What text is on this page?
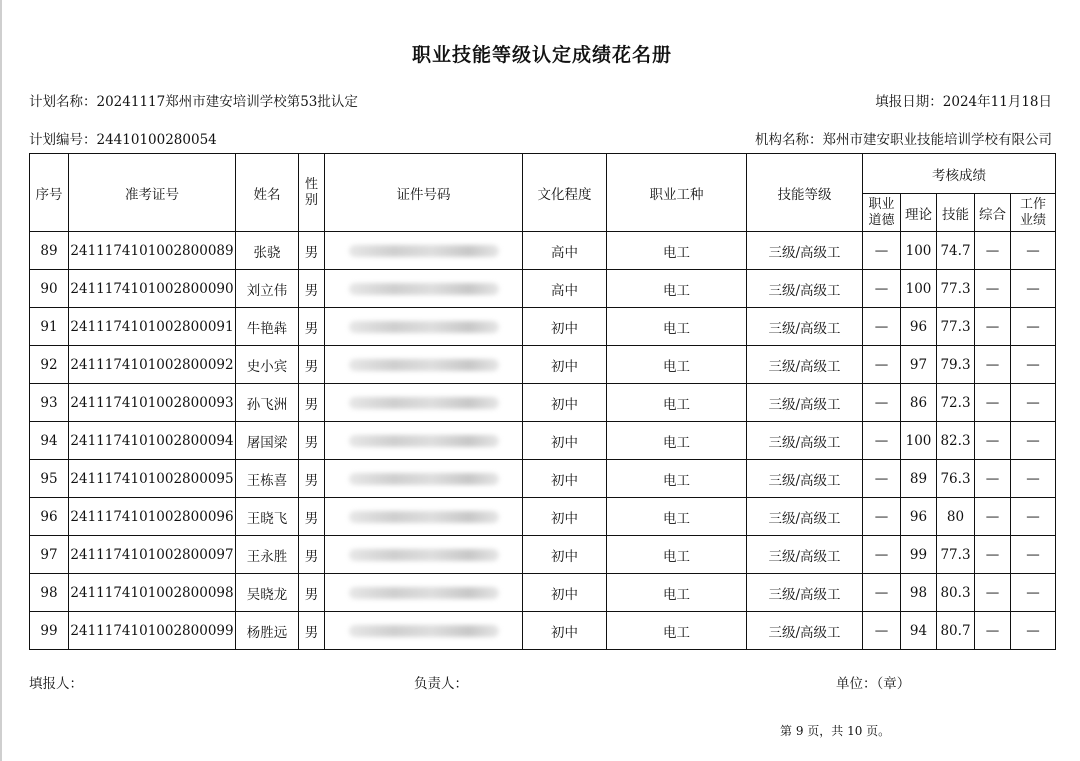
职业技能等级认定成绩花名册
计划名称：20241117郑州市建安培训学校第53批认定	填报日期：2024年11月18日
计划编号：24410100280054	机构名称：郑州市建安职业技能培训学校有限公司
序号	准考证号	姓名	性别	证件号码	文化程度	职业工种	技能等级	考核成绩				
								职业道德	理论	技能	综合	工作业绩
89	2411174101002800089	张骁	男		高中	电工	三级/高级工	—	100	74.7	—	—
90	2411174101002800090	刘立伟	男		高中	电工	三级/高级工	—	100	77.3	—	—
91	2411174101002800091	牛艳犇	男		初中	电工	三级/高级工	—	96	77.3	—	—
92	2411174101002800092	史小宾	男		初中	电工	三级/高级工	—	97	79.3	—	—
93	2411174101002800093	孙飞洲	男		初中	电工	三级/高级工	—	86	72.3	—	—
94	2411174101002800094	屠国梁	男		初中	电工	三级/高级工	—	100	82.3	—	—
95	2411174101002800095	王栋喜	男		初中	电工	三级/高级工	—	89	76.3	—	—
96	2411174101002800096	王晓飞	男		初中	电工	三级/高级工	—	96	80	—	—
97	2411174101002800097	王永胜	男		初中	电工	三级/高级工	—	99	77.3	—	—
98	2411174101002800098	吴晓龙	男		初中	电工	三级/高级工	—	98	80.3	—	—
99	2411174101002800099	杨胜远	男		初中	电工	三级/高级工	—	94	80.7	—	—
填报人：	负责人：	单位：（章）
第 9 页，共 10 页。
